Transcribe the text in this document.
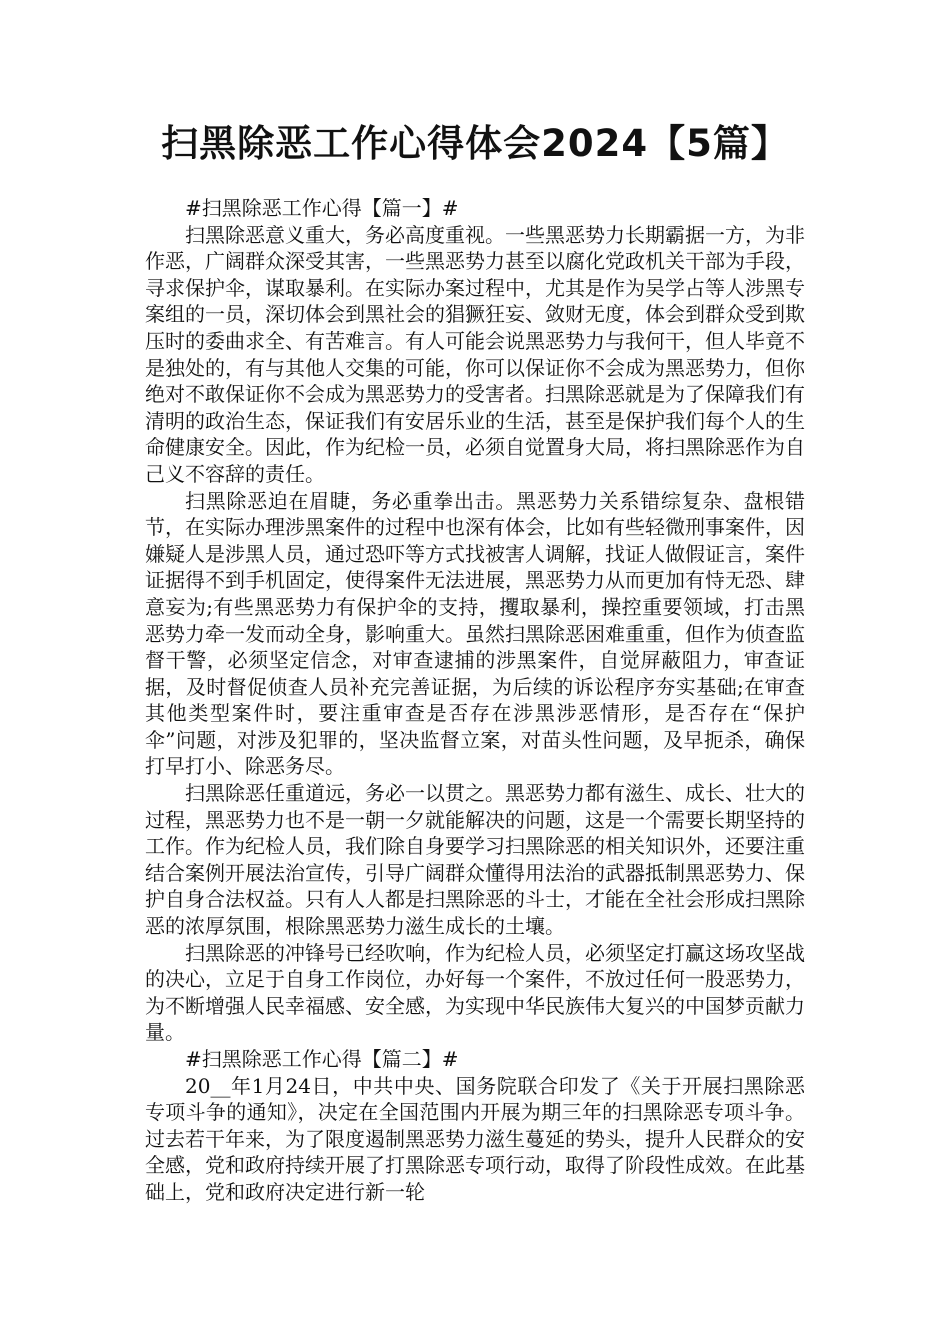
扫黑除恶工作心得体会2024【5篇】

#扫黑除恶工作心得【篇一】#

扫黑除恶意义重大，务必高度重视。一些黑恶势力长期霸据一方，为非作恶，广阔群众深受其害，一些黑恶势力甚至以腐化党政机关干部为手段，寻求保护伞，谋取暴利。在实际办案过程中，尤其是作为吴学占等人涉黑专案组的一员，深切体会到黑社会的猖獗狂妄、敛财无度，体会到群众受到欺压时的委曲求全、有苦难言。有人可能会说黑恶势力与我何干，但人毕竟不是独处的，有与其他人交集的可能，你可以保证你不会成为黑恶势力，但你绝对不敢保证你不会成为黑恶势力的受害者。扫黑除恶就是为了保障我们有清明的政治生态，保证我们有安居乐业的生活，甚至是保护我们每个人的生命健康安全。因此，作为纪检一员，必须自觉置身大局，将扫黑除恶作为自己义不容辞的责任。

扫黑除恶迫在眉睫，务必重拳出击。黑恶势力关系错综复杂、盘根错节，在实际办理涉黑案件的过程中也深有体会，比如有些轻微刑事案件，因嫌疑人是涉黑人员，通过恐吓等方式找被害人调解，找证人做假证言，案件证据得不到手机固定，使得案件无法进展，黑恶势力从而更加有恃无恐、肆意妄为;有些黑恶势力有保护伞的支持，攫取暴利，操控重要领域，打击黑恶势力牵一发而动全身，影响重大。虽然扫黑除恶困难重重，但作为侦查监督干警，必须坚定信念，对审查逮捕的涉黑案件，自觉屏蔽阻力，审查证据，及时督促侦查人员补充完善证据，为后续的诉讼程序夯实基础;在审查其他类型案件时，要注重审查是否存在涉黑涉恶情形，是否存在“保护伞”问题，对涉及犯罪的，坚决监督立案，对苗头性问题，及早扼杀，确保打早打小、除恶务尽。

扫黑除恶任重道远，务必一以贯之。黑恶势力都有滋生、成长、壮大的过程，黑恶势力也不是一朝一夕就能解决的问题，这是一个需要长期坚持的工作。作为纪检人员，我们除自身要学习扫黑除恶的相关知识外，还要注重结合案例开展法治宣传，引导广阔群众懂得用法治的武器抵制黑恶势力、保护自身合法权益。只有人人都是扫黑除恶的斗士，才能在全社会形成扫黑除恶的浓厚氛围，根除黑恶势力滋生成长的土壤。

扫黑除恶的冲锋号已经吹响，作为纪检人员，必须坚定打赢这场攻坚战的决心，立足于自身工作岗位，办好每一个案件，不放过任何一股恶势力，为不断增强人民幸福感、安全感，为实现中华民族伟大复兴的中国梦贡献力量。

#扫黑除恶工作心得【篇二】#

20__年1月24日，中共中央、国务院联合印发了《关于开展扫黑除恶专项斗争的通知》，决定在全国范围内开展为期三年的扫黑除恶专项斗争。过去若干年来，为了限度遏制黑恶势力滋生蔓延的势头，提升人民群众的安全感，党和政府持续开展了打黑除恶专项行动，取得了阶段性成效。在此基础上，党和政府决定进行新一轮
